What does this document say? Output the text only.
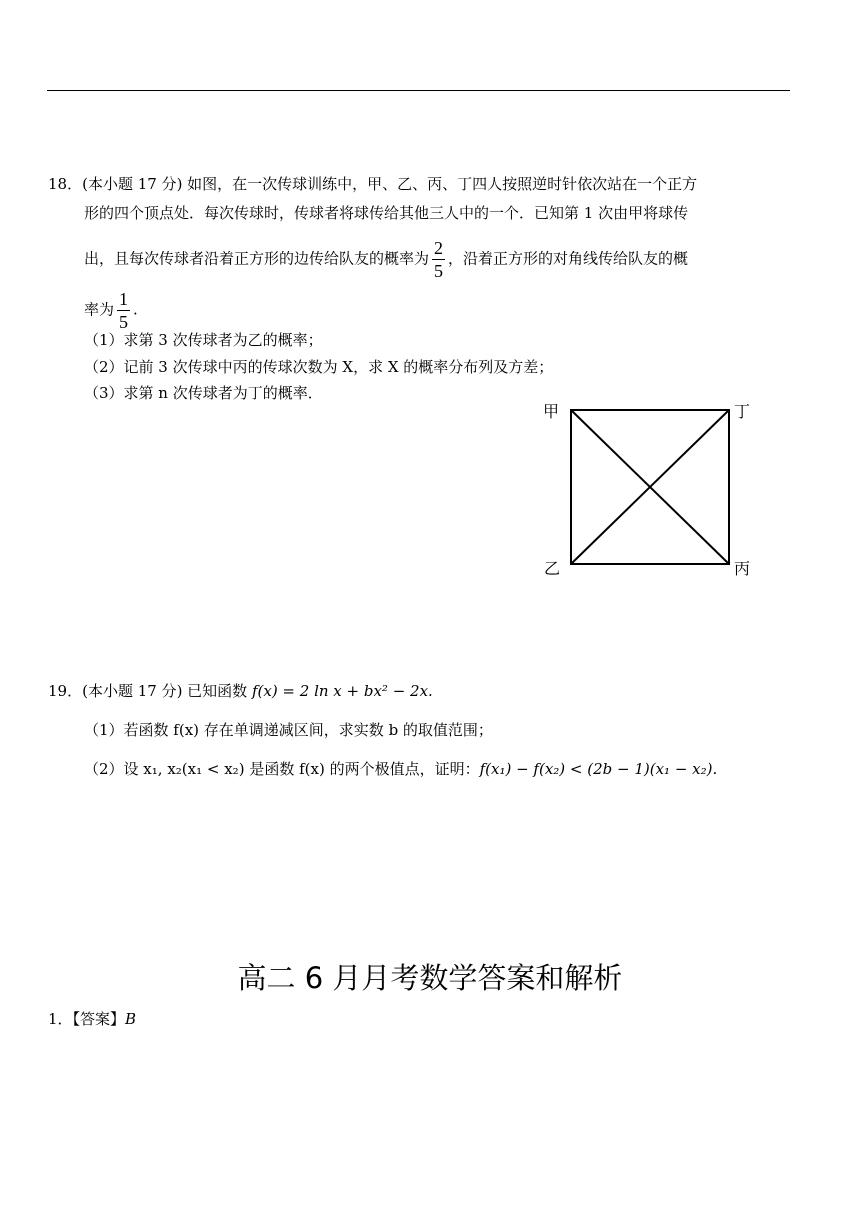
18．(本小题 17 分) 如图，在一次传球训练中，甲、乙、丙、丁四人按照逆时针依次站在一个正方
形的四个顶点处．每次传球时，传球者将球传给其他三人中的一个．已知第 1 次由甲将球传
出，且每次传球者沿着正方形的边传给队友的概率为 $\frac{2}{5}$ ，沿着正方形的对角线传给队友的概
率为 $\frac{1}{5}$ .
（1）求第 3 次传球者为乙的概率；
（2）记前 3 次传球中丙的传球次数为 X，求 X 的概率分布列及方差；
（3）求第 n 次传球者为丁的概率．
甲	丁
乙	丙
19．(本小题 17 分) 已知函数 f(x) = 2 ln x + bx² − 2x.
（1）若函数 f(x) 存在单调递减区间，求实数 b 的取值范围；
（2）设 x₁, x₂(x₁ < x₂) 是函数 f(x) 的两个极值点，证明：f(x₁) − f(x₂) < (2b − 1)(x₁ − x₂).
高二 6 月月考数学答案和解析
1．【答案】B
